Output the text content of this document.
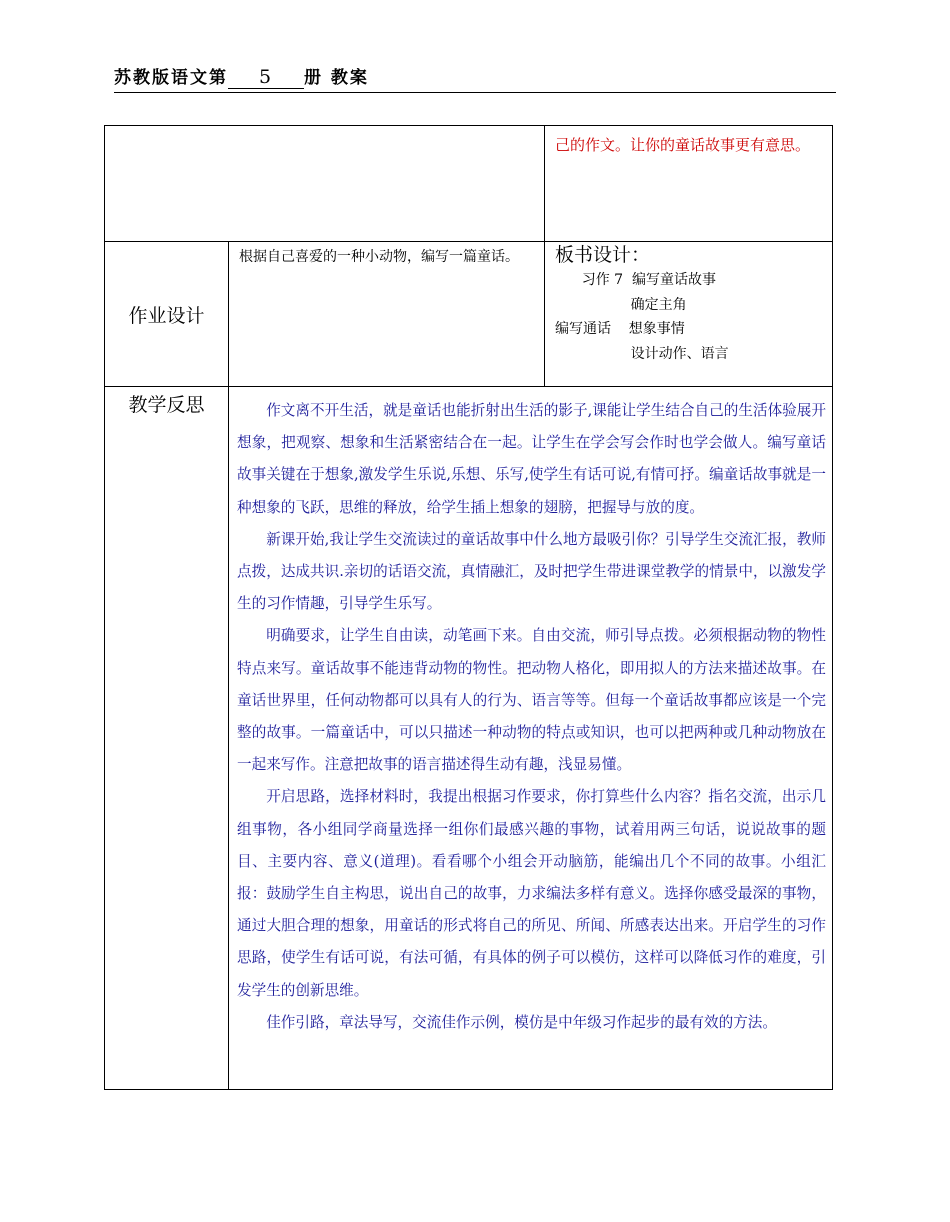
苏教版语文第 5 册 教案

		己的作文。让你的童话故事更有意思。

作业设计	根据自己喜爱的一种小动物，编写一篇童话。	板书设计：
习作 7  编写童话故事
确定主角
编写通话    想象事情
设计动作、语言

教学反思	作文离不开生活，就是童话也能折射出生活的影子,课能让学生结合自己的生活体验展开想象，把观察、想象和生活紧密结合在一起。让学生在学会写会作时也学会做人。编写童话故事关键在于想象,激发学生乐说,乐想、乐写,使学生有话可说,有情可抒。编童话故事就是一种想象的飞跃，思维的释放，给学生插上想象的翅膀，把握导与放的度。

新课开始,我让学生交流读过的童话故事中什么地方最吸引你？引导学生交流汇报，教师点拨，达成共识.亲切的话语交流，真情融汇，及时把学生带进课堂教学的情景中，以激发学生的习作情趣，引导学生乐写。

明确要求，让学生自由读，动笔画下来。自由交流，师引导点拨。必须根据动物的物性特点来写。童话故事不能违背动物的物性。把动物人格化，即用拟人的方法来描述故事。在童话世界里，任何动物都可以具有人的行为、语言等等。但每一个童话故事都应该是一个完整的故事。一篇童话中，可以只描述一种动物的特点或知识，也可以把两种或几种动物放在一起来写作。注意把故事的语言描述得生动有趣，浅显易懂。

开启思路，选择材料时，我提出根据习作要求，你打算些什么内容？指名交流，出示几组事物，各小组同学商量选择一组你们最感兴趣的事物，试着用两三句话，说说故事的题目、主要内容、意义(道理)。看看哪个小组会开动脑筋，能编出几个不同的故事。小组汇报：鼓励学生自主构思，说出自己的故事，力求编法多样有意义。选择你感受最深的事物，通过大胆合理的想象，用童话的形式将自己的所见、所闻、所感表达出来。开启学生的习作思路，使学生有话可说，有法可循，有具体的例子可以模仿，这样可以降低习作的难度，引发学生的创新思维。

佳作引路，章法导写，交流佳作示例，模仿是中年级习作起步的最有效的方法。	
